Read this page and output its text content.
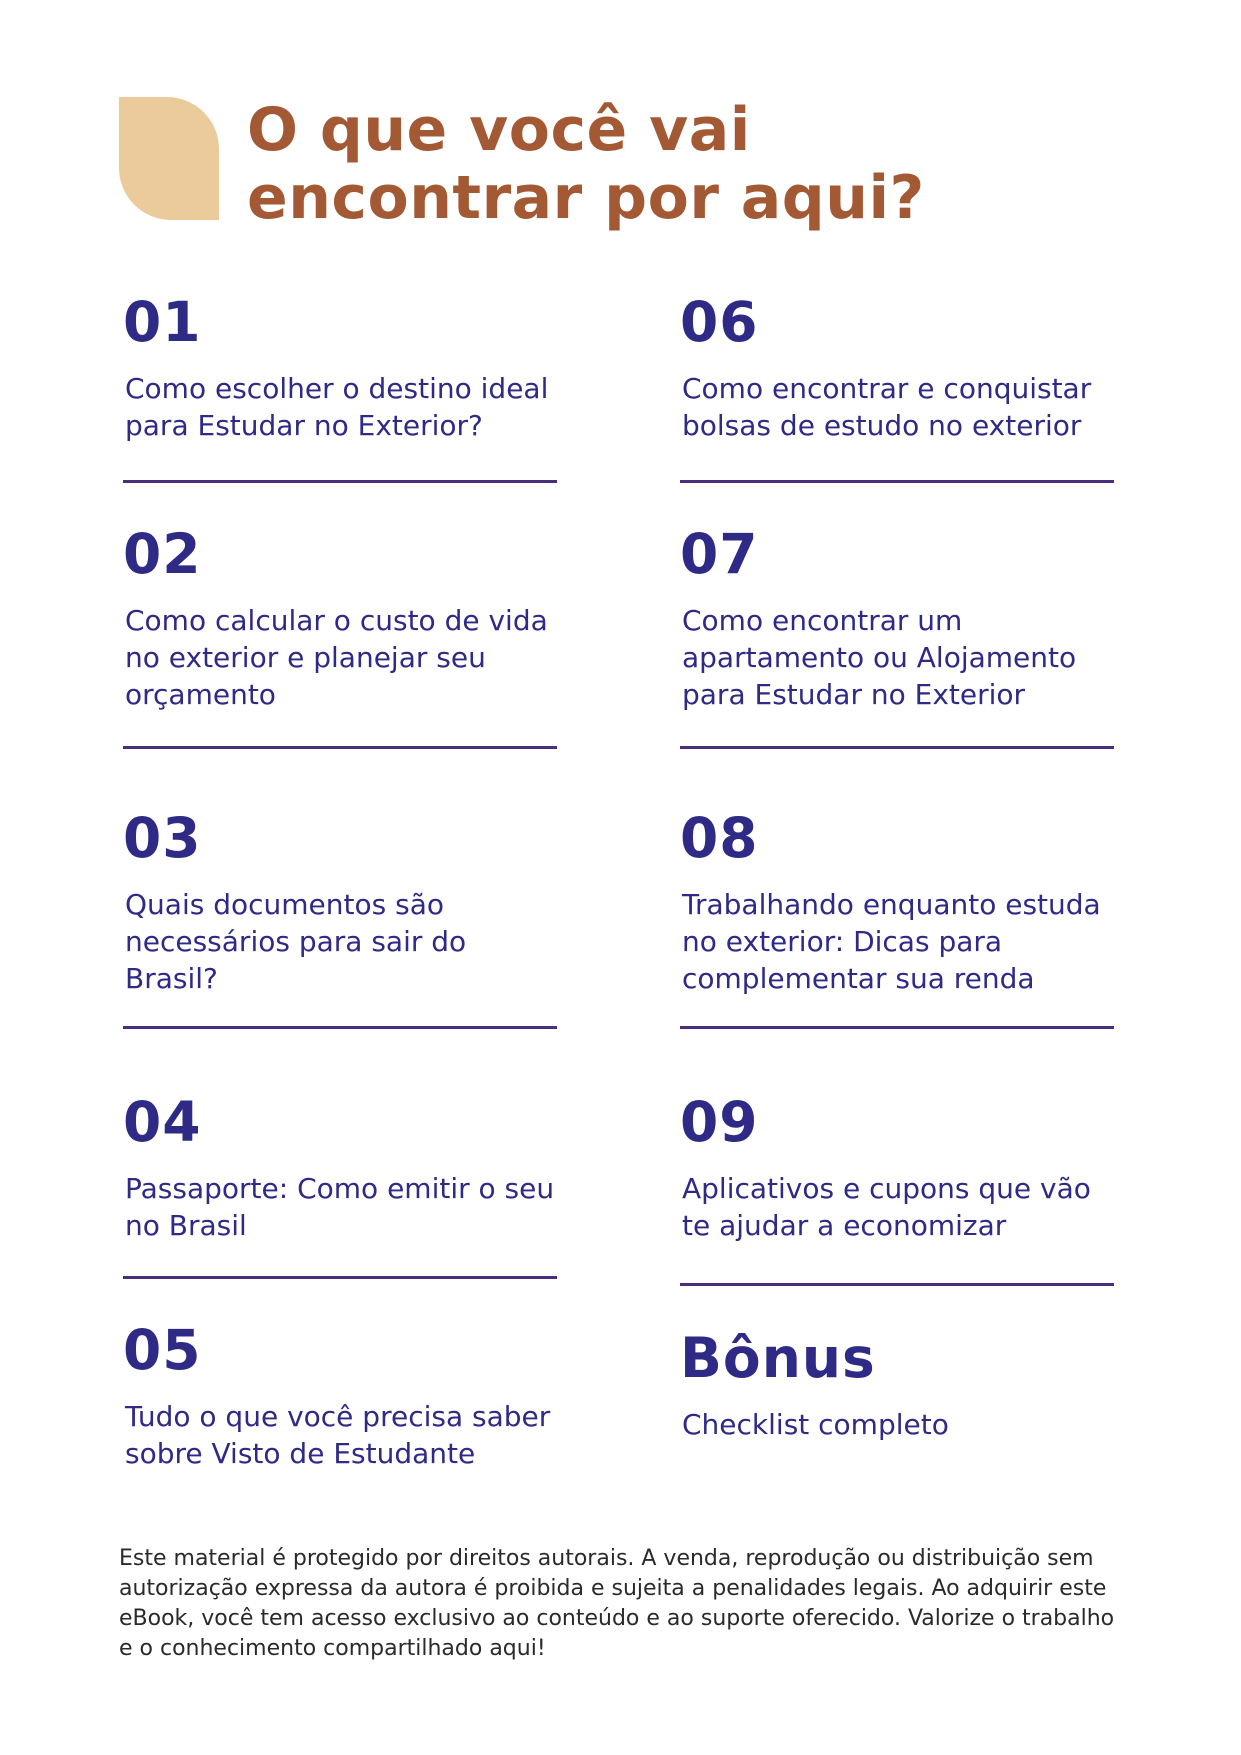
O que você vai
encontrar por aqui?

01

Como escolher o destino ideal para Estudar no Exterior?

02

Como calcular o custo de vida no exterior e planejar seu orçamento

03

Quais documentos são necessários para sair do Brasil?

04

Passaporte: Como emitir o seu no Brasil

05

Tudo o que você precisa saber sobre Visto de Estudante

06

Como encontrar e conquistar bolsas de estudo no exterior

07

Como encontrar um apartamento ou Alojamento para Estudar no Exterior

08

Trabalhando enquanto estuda no exterior: Dicas para complementar sua renda

09

Aplicativos e cupons que vão te ajudar a economizar

Bônus

Checklist completo

Este material é protegido por direitos autorais. A venda, reprodução ou distribuição sem autorização expressa da autora é proibida e sujeita a penalidades legais. Ao adquirir este eBook, você tem acesso exclusivo ao conteúdo e ao suporte oferecido. Valorize o trabalho e o conhecimento compartilhado aqui!
